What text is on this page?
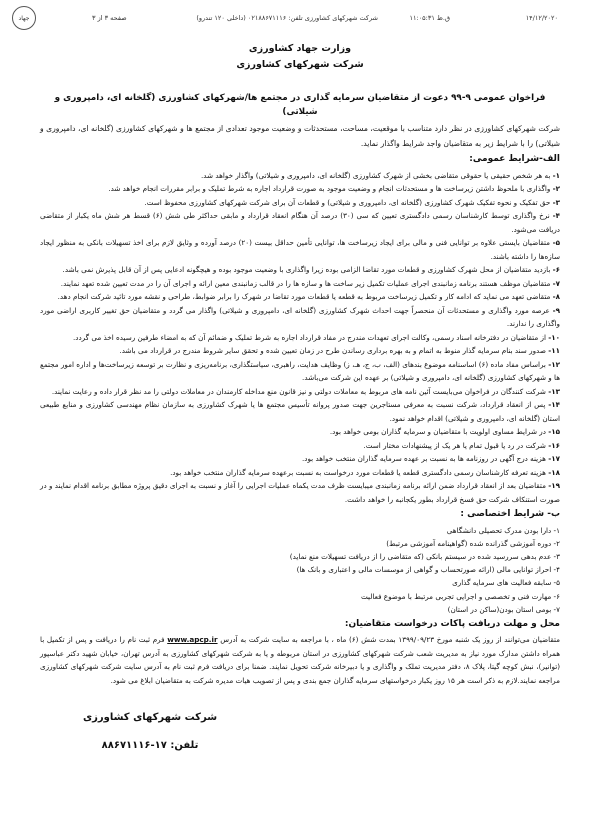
جهاد	۱۴/۱۲/۲۰۲۰
ق.ظ ۱۱:۰۵:۳۱
شرکت شهرکهای کشاورزی تلفن: ۰۲۱۸۸۶۷۱۱۱۶ (داخلی ۱۲۰ تندرو)
صفحه ۳ از ۳
وزارت جهاد کشاورزی
شرکت شهرکهای کشاورزی
فراخوان عمومی ۹-۹۹ دعوت از متقاضیان سرمایه گذاری در مجتمع ها/شهرکهای کشاورزی (گلخانه ای، دامپروری و شیلاتی)
شرکت شهرکهای کشاورزی در نظر دارد متناسب با موقعیت، مساحت، مستحدثات و وضعیت موجود تعدادی از مجتمع ها و شهرکهای کشاورزی (گلخانه ای، دامپروری و شیلاتی) را با شرایط زیر به متقاضیان واجد شرایط واگذار نماید.
الف-شرایط عمومی:
۱- به هر شخص حقیقی یا حقوقی متقاضی بخشی از شهرک کشاورزی (گلخانه ای، دامپروری و شیلاتی) واگذار خواهد شد.
۲- واگذاری با ملحوظ داشتن زیرساخت ها و مستحدثات انجام و وضعیت موجود به صورت قرارداد اجاره به شرط تملیک و برابر مقررات انجام خواهد شد.
۳- حق تفکیک و نحوه تفکیک شهرک کشاورزی (گلخانه ای، دامپروری و شیلاتی) و قطعات آن برای شرکت شهرکهای کشاورزی محفوظ است.
۴- نرخ واگذاری توسط کارشناسان رسمی دادگستری تعیین که سی (۳۰) درصد آن هنگام انعقاد قرارداد و مابقی حداکثر طی شش (۶) قسط هر شش ماه یکبار از متقاضی دریافت می‌شود.
۵- متقاضیان بایستی علاوه بر توانایی فنی و مالی برای ایجاد زیرساخت ها، توانایی تأمین حداقل بیست (۲۰) درصد آورده و وثایق لازم برای اخذ تسهیلات بانکی به منظور ایجاد سازه‌ها را داشته باشند.
۶- بازدید متقاضیان از محل شهرک کشاورزی و قطعات مورد تقاضا الزامی بوده زیرا واگذاری با وضعیت موجود بوده و هیچگونه ادعایی پس از آن قابل پذیرش نمی باشد.
۷- متقاضیان موظف هستند برنامه زمانبندی اجرای عملیات تکمیل زیر ساخت ها و سازه ها را در قالب زمانبندی معین ارائه و اجرای آن را در مدت تعیین شده تعهد نمایند.
۸- متقاضی تعهد می نماید که ادامه کار و تکمیل زیرساخت مربوط به قطعه یا قطعات مورد تقاضا در شهرک را برابر ضوابط، طراحی و نقشه مورد تائید شرکت انجام دهد.
۹- عرصه مورد واگذاری و مستحدثات آن منحصراً جهت احداث شهرک کشاورزی (گلخانه ای، دامپروری و شیلاتی) واگذار می گردد و متقاضیان حق تغییر کاربری اراضی مورد واگذاری را ندارند.
۱۰- از متقاضیان در دفترخانه اسناد رسمی، وکالت اجرای تعهدات مندرج در مفاد قرارداد اجاره به شرط تملیک و ضمائم آن که به امضاء طرفین رسیده اخذ می گردد.
۱۱- صدور سند بنام سرمایه گذار منوط به اتمام و به بهره برداری رساندن طرح در زمان تعیین شده و تحقق سایر شروط مندرج در قرارداد می باشد.
۱۲- براساس مفاد ماده (۶) اساسنامه موضوع بندهای (الف، ب، ج، هـ، ز) وظایف هدایت، راهبری، سیاستگذاری، برنامه‌ریزی و نظارت بر توسعه زیرساخت‌ها و اداره امور مجتمع ها و شهرکهای کشاورزی (گلخانه ای، دامپروری و شیلاتی) بر عهده این شرکت می‌باشد.
۱۳- شرکت کنندگان در فراخوان می‌بایست آئین نامه های مربوط به معاملات دولتی و نیز قانون منع مداخله کارمندان در معاملات دولتی را مد نظر قرار داده و رعایت نمایند.
۱۴- پس از انعقاد قرارداد، شرکت نسبت به معرفی مستاجرین جهت صدور پروانه تأسیس مجتمع ها یا شهرک کشاورزی به سازمان نظام مهندسی کشاورزی و منابع طبیعی استان (گلخانه ای، دامپروری و شیلاتی) اقدام خواهد نمود.
۱۵- در شرایط مساوی اولویت با متقاضیان و سرمایه گذاران بومی خواهد بود.
۱۶- شرکت در رد یا قبول تمام یا هر یک از پیشنهادات مختار است.
۱۷- هزینه درج آگهی در روزنامه ها به نسبت بر عهده سرمایه گذاران منتخب خواهد بود.
۱۸- هزینه تعرفه کارشناسان رسمی دادگستری قطعه یا قطعات مورد درخواست به نسبت برعهده سرمایه گذاران منتخب خواهد بود.
۱۹- متقاضیان بعد از انعقاد قرارداد ضمن ارائه برنامه زمانبندی میبایست ظرف مدت یکماه عملیات اجرایی را آغاز و نسبت به اجرای دقیق پروژه مطابق برنامه اقدام نمایند و در صورت استنکاف شرکت حق فسخ قرارداد بطور یکجانبه را خواهد داشت.
ب- شرایط اختصاصی :
۱- دارا بودن مدرک تحصیلی دانشگاهی
۲- دوره آموزشی گذرانده شده (گواهینامه آموزشی مرتبط)
۳- عدم بدهی سررسید شده در سیستم بانکی (که متقاضی را از دریافت تسهیلات منع نماید)
۴- احراز توانایی مالی (ارائه صورتحساب و گواهی از موسسات مالی و اعتباری و بانک ها)
۵- سابقه فعالیت های سرمایه گذاری
۶- مهارت فنی و تخصصی و اجرایی تجربی مرتبط با موضوع فعالیت
۷- بومی استان بودن(ساکن در استان)
محل و مهلت دریافت پاکات درخواست متقاضیان:
متقاضیان می‌توانند از روز یک شنبه مورخ ۱۳۹۹/۰۹/۲۳ بمدت شش (۶) ماه ، با مراجعه به سایت شرکت به آدرس www.apcp.ir فرم ثبت نام را دریافت و پس از تکمیل با همراه داشتن مدارک مورد نیاز به مدیریت شعب شرکت شهرکهای کشاورزی در استان مربوطه و یا به شرکت شهرکهای کشاورزی به آدرس تهران، خیابان شهید دکتر عباسپور (توانیر)، نبش کوچه گیتا، پلاک ۸، دفتر مدیریت تملک و واگذاری و یا دبیرخانه شرکت تحویل نمایند. ضمنا برای دریافت فرم ثبت نام به آدرس سایت شرکت شهرکهای کشاورزی مراجعه نمایند.لازم به ذکر است هر ۱۵ روز یکبار درخواستهای سرمایه گذاران جمع بندی و پس از تصویب هیات مدیره شرکت به متقاضیان ابلاغ می شود.
شرکت شهرکهای کشاورزی
تلفن: ۱۷-۸۸۶۷۱۱۱۶
